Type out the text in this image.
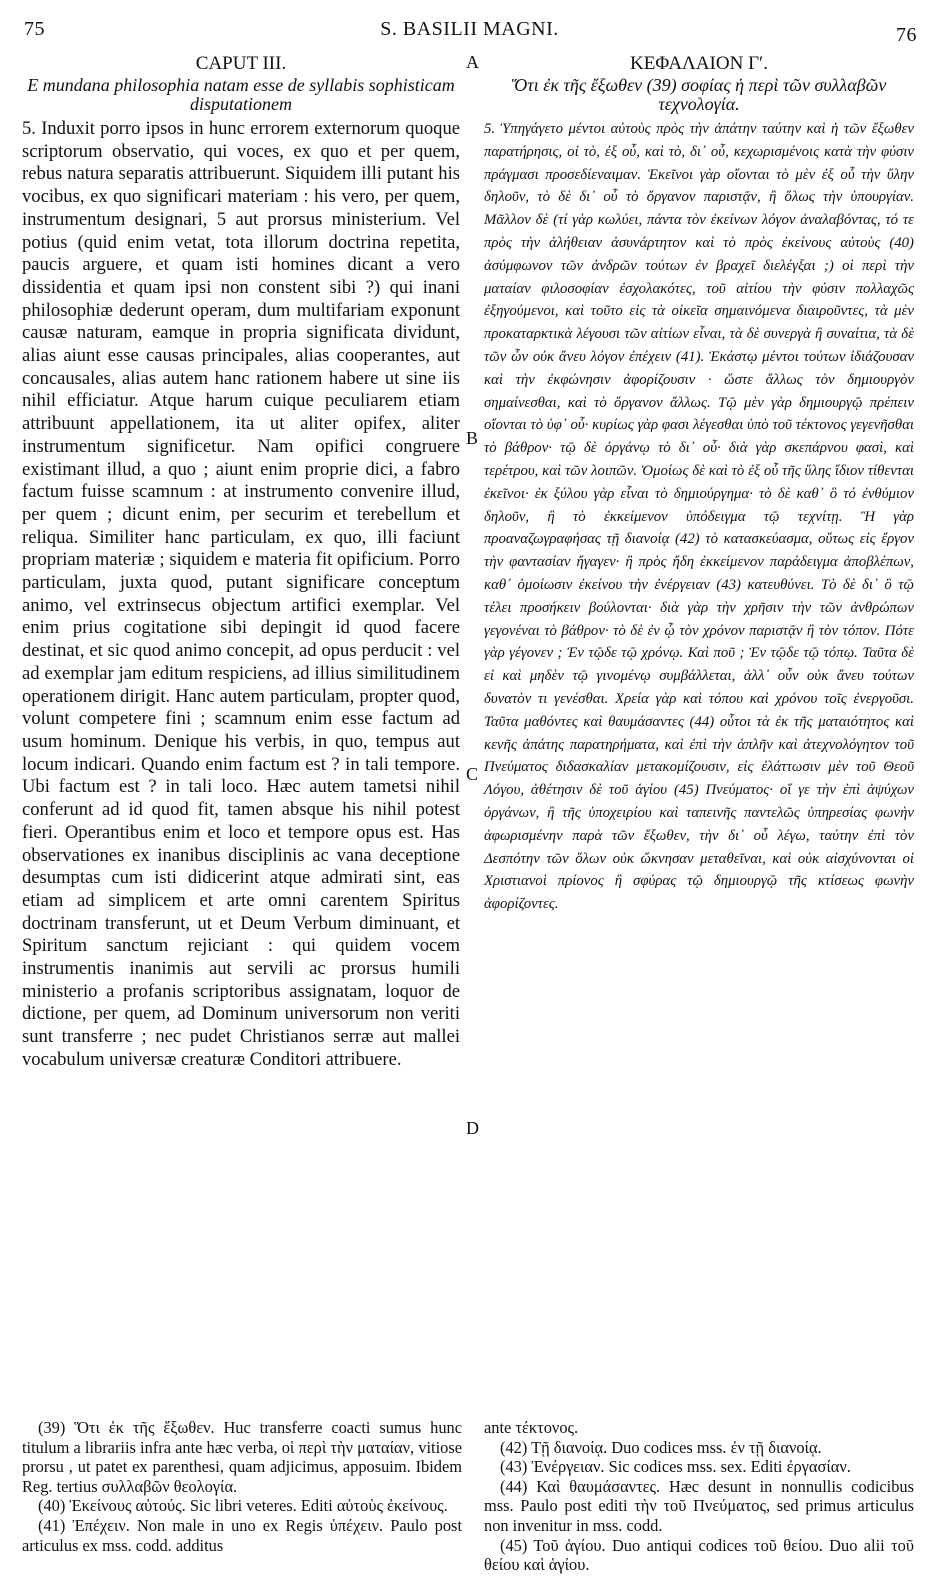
75	S. BASILII MAGNI.	76
A
B
C
D

CAPUT III.

E mundana philosophia natam esse de syllabis sophisticam disputationem

5. Induxit porro ipsos in hunc errorem externorum quoque scriptorum observatio, qui voces, ex quo et per quem, rebus natura separatis attribuerunt. Siquidem illi putant his vocibus, ex quo significari materiam : his vero, per quem, instrumentum designari, 5 aut prorsus ministerium. Vel potius (quid enim vetat, tota illorum doctrina repetita, paucis arguere, et quam isti homines dicant a vero dissidentia et quam ipsi non constent sibi ?) qui inani philosophiæ dederunt operam, dum multifariam exponunt causæ naturam, eamque in propria significata dividunt, alias aiunt esse causas principales, alias cooperantes, aut concausales, alias autem hanc rationem habere ut sine iis nihil efficiatur. Atque harum cuique peculiarem etiam attribuunt appellationem, ita ut aliter opifex, aliter instrumentum significetur. Nam opifici congruere existimant illud, a quo ; aiunt enim proprie dici, a fabro factum fuisse scamnum : at instrumento convenire illud, per quem ; dicunt enim, per securim et terebellum et reliqua. Similiter hanc particulam, ex quo, illi faciunt propriam materiæ ; siquidem e materia fit opificium. Porro particulam, juxta quod, putant significare conceptum animo, vel extrinsecus objectum artifici exemplar. Vel enim prius cogitatione sibi depingit id quod facere destinat, et sic quod animo concepit, ad opus perducit : vel ad exemplar jam editum respiciens, ad illius similitudinem operationem dirigit. Hanc autem particulam, propter quod, volunt competere fini ; scamnum enim esse factum ad usum hominum. Denique his verbis, in quo, tempus aut locum indicari. Quando enim factum est ? in tali tempore. Ubi factum est ? in tali loco. Hæc autem tametsi nihil conferunt ad id quod fit, tamen absque his nihil potest fieri. Operantibus enim et loco et tempore opus est. Has observationes ex inanibus disciplinis ac vana deceptione desumptas cum isti didicerint atque admirati sint, eas etiam ad simplicem et arte omni carentem Spiritus doctrinam transferunt, ut et Deum Verbum diminuant, et Spiritum sanctum rejiciant : qui quidem vocem instrumentis inanimis aut servili ac prorsus humili ministerio a profanis scriptoribus assignatam, loquor de dictione, per quem, ad Dominum universorum non veriti sunt transferre ; nec pudet Christianos serræ aut mallei vocabulum universæ creaturæ Conditori attribuere.

ΚΕΦΑΛΑΙΟΝ Γʹ.

Ὅτι ἐκ τῆς ἔξωθεν (39) σοφίας ἡ περὶ τῶν συλλαβῶν τεχνολογία.

5. Ὑπηγάγετο μέντοι αὐτοὺς πρὸς τὴν ἀπάτην ταύτην καὶ ἡ τῶν ἔξωθεν παρατήρησις, οἱ τὸ, ἐξ οὗ, καὶ τὸ, δι᾽ οὗ, κεχωρισμένοις κατὰ τὴν φύσιν πράγμασι προσεδίεναιμαν. Ἐκεῖνοι γὰρ οἴονται τὸ μὲν ἐξ οὗ τὴν ὕλην δηλοῦν, τὸ δὲ δι᾽ οὗ τὸ ὄργανον παριστᾷν, ἢ ὅλως τὴν ὑπουργίαν. Μᾶλλον δὲ (τί γὰρ κωλύει, πάντα τὸν ἐκείνων λόγον ἀναλαβόντας, τό τε πρὸς τὴν ἀλήθειαν ἀσυνάρτητον καὶ τὸ πρὸς ἐκείνους αὐτοὺς (40) ἀσύμφωνον τῶν ἀνδρῶν τούτων ἐν βραχεῖ διελέγξαι ;) οἱ περὶ τὴν ματαίαν φιλοσοφίαν ἐσχολακότες, τοῦ αἰτίου τὴν φύσιν πολλαχῶς ἐξηγούμενοι, καὶ τοῦτο εἰς τὰ οἰκεῖα σημαινόμενα διαιροῦντες, τὰ μὲν προκαταρκτικὰ λέγουσι τῶν αἰτίων εἶναι, τὰ δὲ συνεργὰ ἢ συναίτια, τὰ δὲ τῶν ὧν οὐκ ἄνευ λόγον ἐπέχειν (41). Ἑκάστῳ μέντοι τούτων ἰδιάζουσαν καὶ τὴν ἐκφώνησιν ἀφορίζουσιν · ὥστε ἄλλως τὸν δημιουργὸν σημαίνεσθαι, καὶ τὸ ὄργανον ἄλλως. Τῷ μὲν γὰρ δημιουργῷ πρέπειν οἴονται τὸ ὑφ᾽ οὗ· κυρίως γὰρ φασι λέγεσθαι ὑπὸ τοῦ τέκτονος γεγενῆσθαι τὸ βάθρον· τῷ δὲ ὀργάνῳ τὸ δι᾽ οὗ· διὰ γὰρ σκεπάρνου φασὶ, καὶ τερέτρου, καὶ τῶν λοιπῶν. Ὁμοίως δὲ καὶ τὸ ἐξ οὗ τῆς ὕλης ἴδιον τίθενται ἐκεῖνοι· ἐκ ξύλου γὰρ εἶναι τὸ δημιούργημα· τὸ δὲ καθ᾽ ὃ τό ἐνθύμιον δηλοῦν, ἢ τὸ ἐκκείμενον ὑπόδειγμα τῷ τεχνίτῃ. Ἢ γὰρ προαναζωγραφήσας τῇ διανοίᾳ (42) τὸ κατασκεύασμα, οὕτως εἰς ἔργον τὴν φαντασίαν ἤγαγεν· ἢ πρὸς ἤδη ἐκκείμενον παράδειγμα ἀποβλέπων, καθ᾽ ὁμοίωσιν ἐκείνου τὴν ἐνέργειαν (43) κατευθύνει. Τὸ δὲ δι᾽ ὃ τῷ τέλει προσήκειν βούλονται· διὰ γὰρ τὴν χρῆσιν τὴν τῶν ἀνθρώπων γεγονέναι τὸ βάθρον· τὸ δὲ ἐν ᾧ τὸν χρόνον παριστᾷν ἢ τὸν τόπον. Πότε γὰρ γέγονεν ; Ἐν τῷδε τῷ χρόνῳ. Καὶ ποῦ ; Ἐν τῷδε τῷ τόπῳ. Ταῦτα δὲ εἰ καὶ μηδὲν τῷ γινομένῳ συμβάλλεται, ἀλλ᾽ οὖν οὐκ ἄνευ τούτων δυνατὸν τι γενέσθαι. Χρεία γὰρ καὶ τόπου καὶ χρόνου τοῖς ἐνεργοῦσι. Ταῦτα μαθόντες καὶ θαυμάσαντες (44) οὗτοι τὰ ἐκ τῆς ματαιότητος καὶ κενῆς ἀπάτης παρατηρήματα, καὶ ἐπὶ τὴν ἁπλῆν καὶ ἀτεχνολόγητον τοῦ Πνεύματος διδασκαλίαν μετακομίζουσιν, εἰς ἐλάττωσιν μὲν τοῦ Θεοῦ Λόγου, ἀθέτησιν δὲ τοῦ ἁγίου (45) Πνεύματος· οἵ γε τὴν ἐπὶ ἀψύχων ὀργάνων, ἢ τῆς ὑποχειρίου καὶ ταπεινῆς παντελῶς ὑπηρεσίας φωνὴν ἀφωρισμένην παρὰ τῶν ἔξωθεν, τὴν δι᾽ οὗ λέγω, ταύτην ἐπὶ τὸν Δεσπότην τῶν ὅλων οὐκ ὤκνησαν μεταθεῖναι, καὶ οὐκ αἰσχύνονται οἱ Χριστιανοὶ πρίονος ἢ σφύρας τῷ δημιουργῷ τῆς κτίσεως φωνὴν ἀφορίζοντες.

(39) Ὅτι ἐκ τῆς ἔξωθεν. Huc transferre coacti sumus hunc titulum a librariis infra ante hæc verba, οἱ περὶ τὴν ματαίαν, vitiose prorsu , ut patet ex parenthesi, quam adjicimus, apposuim. Ibidem Reg. tertius συλλαβῶν θεολογία.

(40) Ἐκείνους αὐτούς. Sic libri veteres. Editi αὐτοὺς ἐκείνους.

(41) Ἐπέχειν. Non male in uno ex Regis ὑπέχειν. Paulo post articulus ex mss. codd. additus

ante τέκτονος.

(42) Τῇ διανοίᾳ. Duo codices mss. ἐν τῇ διανοίᾳ.

(43) Ἐνέργειαν. Sic codices mss. sex. Editi ἐργασίαν.

(44) Καὶ θαυμάσαντες. Hæc desunt in nonnullis codicibus mss. Paulo post editi τὴν τοῦ Πνεύματος, sed primus articulus non invenitur in mss. codd.

(45) Τοῦ ἁγίου. Duo antiqui codices τοῦ θείου. Duo alii τοῦ θείου καὶ ἁγίου.
